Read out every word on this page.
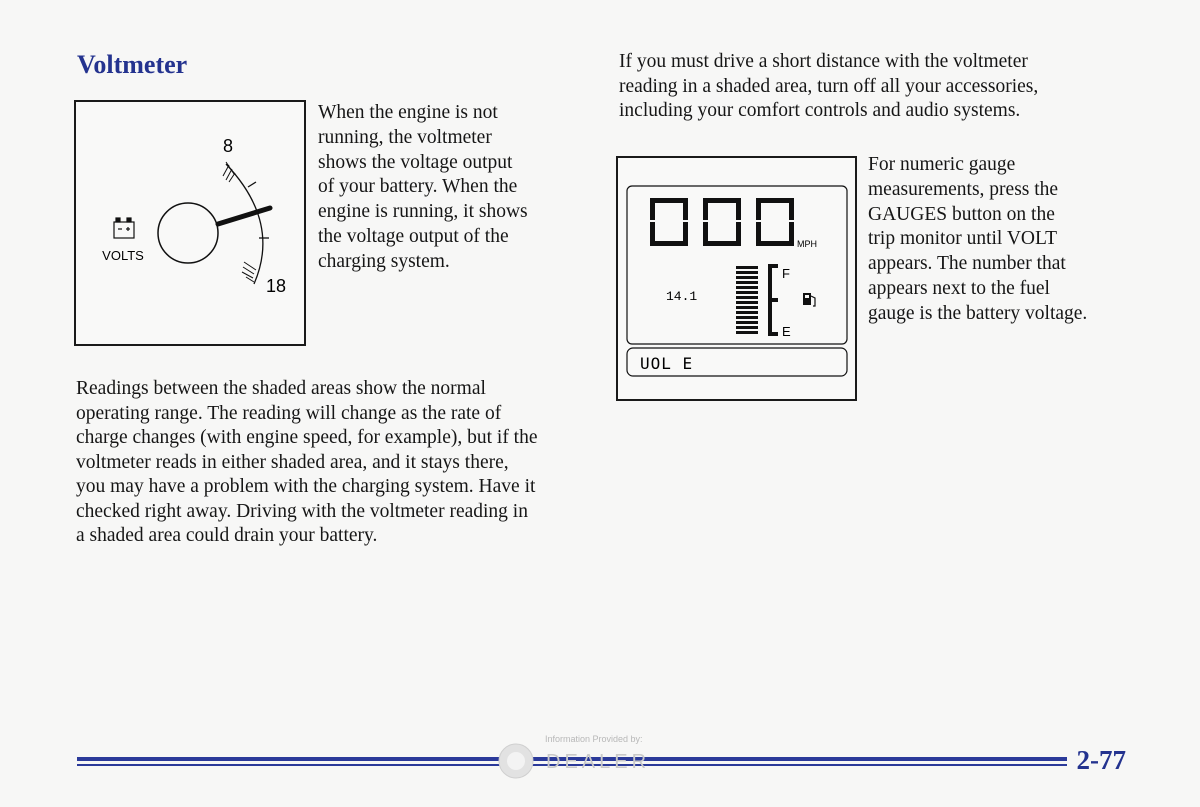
Voltmeter
8
18
VOLTS
When the engine is not
running, the voltmeter
shows the voltage output
of your battery. When the
engine is running, it shows
the voltage output of the
charging system.
Readings between the shaded areas show the normal
operating range. The reading will change as the rate of
charge changes (with engine speed, for example), but if the
voltmeter reads in either shaded area, and it stays there,
you may have a problem with the charging system. Have it
checked right away. Driving with the voltmeter reading in
a shaded area could drain your battery.
If you must drive a short distance with the voltmeter
reading in a shaded area, turn off all your accessories,
including your comfort controls and audio systems.
MPH
14.1
F
E
UOL E
For numeric gauge
measurements, press the
GAUGES button on the
trip monitor until VOLT
appears. The number that
appears next to the fuel
gauge is the battery voltage.
2-77
Information Provided by:
DEALER
